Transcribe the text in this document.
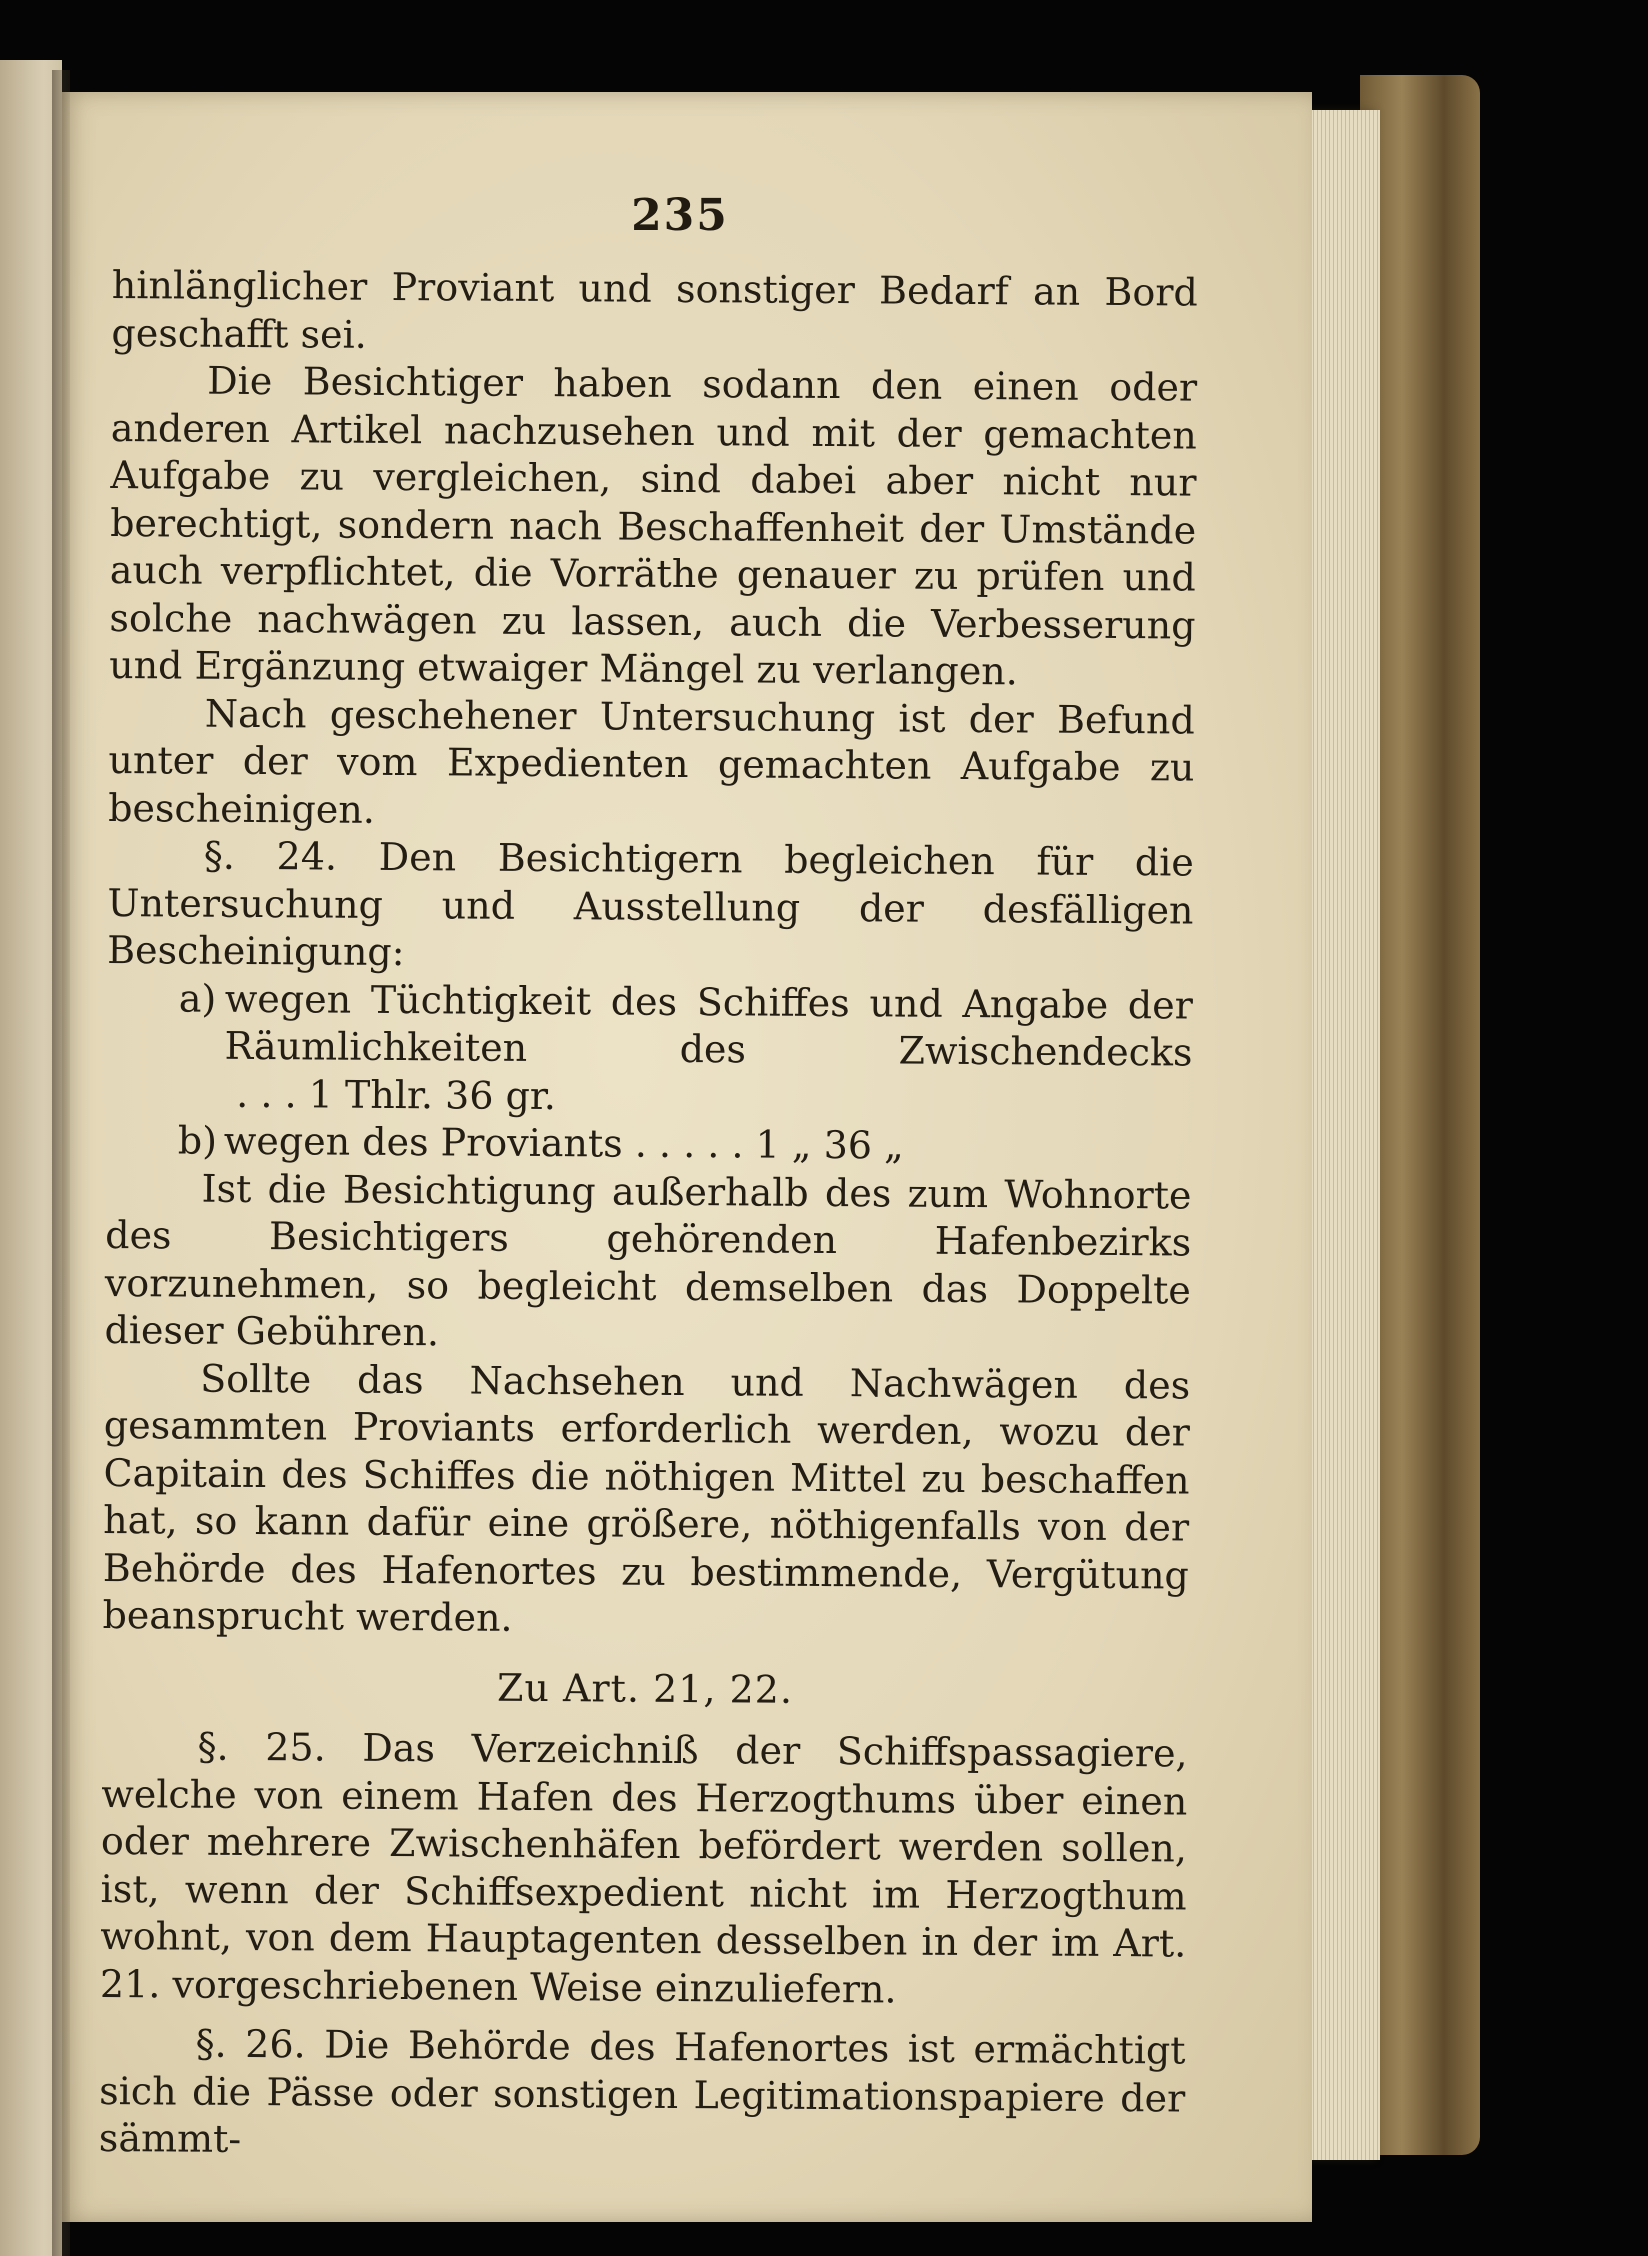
235

hinlänglicher Proviant und sonstiger Bedarf an Bord geschafft sei.

Die Besichtiger haben sodann den einen oder anderen Artikel nachzusehen und mit der gemachten Aufgabe zu vergleichen, sind dabei aber nicht nur berechtigt, sondern nach Beschaffenheit der Umstände auch verpflichtet, die Vorräthe genauer zu prüfen und solche nachwägen zu lassen, auch die Verbesserung und Ergänzung etwaiger Mängel zu verlangen.

Nach geschehener Untersuchung ist der Befund unter der vom Expedienten gemachten Aufgabe zu bescheinigen.

§. 24. Den Besichtigern begleichen für die Untersuchung und Ausstellung der desfälligen Bescheinigung:

a) wegen Tüchtigkeit des Schiffes und Angabe der Räumlichkeiten des Zwischendecks . . . 1 Thlr. 36 gr.

b) wegen des Proviants . . . . . 1 „ 36 „

Ist die Besichtigung außerhalb des zum Wohnorte des Besichtigers gehörenden Hafenbezirks vorzunehmen, so begleicht demselben das Doppelte dieser Gebühren.

Sollte das Nachsehen und Nachwägen des gesammten Proviants erforderlich werden, wozu der Capitain des Schiffes die nöthigen Mittel zu beschaffen hat, so kann dafür eine größere, nöthigenfalls von der Behörde des Hafenortes zu bestimmende, Vergütung beansprucht werden.

Zu Art. 21, 22.

§. 25. Das Verzeichniß der Schiffspassagiere, welche von einem Hafen des Herzogthums über einen oder mehrere Zwischenhäfen befördert werden sollen, ist, wenn der Schiffsexpedient nicht im Herzogthum wohnt, von dem Hauptagenten desselben in der im Art. 21. vorgeschriebenen Weise einzuliefern.

§. 26. Die Behörde des Hafenortes ist ermächtigt sich die Pässe oder sonstigen Legitimationspapiere der sämmt-
